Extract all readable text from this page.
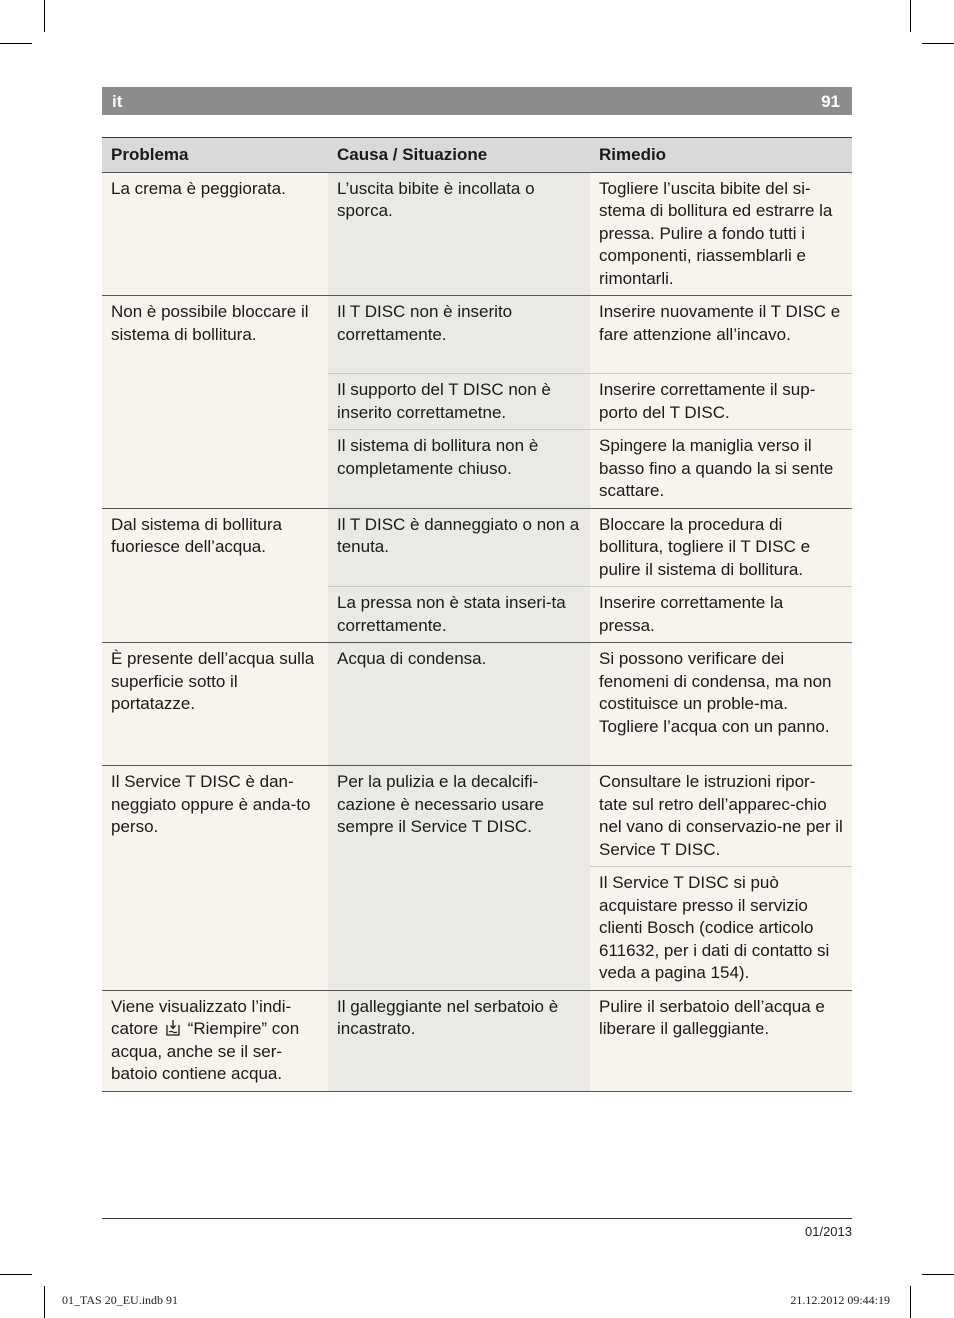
it	91
Problema	Causa / Situazione	Rimedio
La crema è peggiorata.	L’uscita bibite è incollata o sporca.	Togliere l’uscita bibite del si-stema di bollitura ed estrarre la pressa. Pulire a fondo tutti i componenti, riassemblarli e rimontarli.
Non è possibile bloccare il sistema di bollitura.	Il T DISC non è inserito correttamente.	Inserire nuovamente il T DISC e fare attenzione all’incavo.
	Il supporto del T DISC non è inserito correttametne.	Inserire correttamente il sup-porto del T DISC.
	Il sistema di bollitura non è completamente chiuso.	Spingere la maniglia verso il basso fino a quando la si sente scattare.
Dal sistema di bollitura fuoriesce dell’acqua.	Il T DISC è danneggiato o non a tenuta.	Bloccare la procedura di bollitura, togliere il T DISC e pulire il sistema di bollitura.
	La pressa non è stata inseri-ta correttamente.	Inserire correttamente la pressa.
È presente dell’acqua sulla superficie sotto il portatazze.	Acqua di condensa.	Si possono verificare dei fenomeni di condensa, ma non costituisce un proble-ma. Togliere l’acqua con un panno.
Il Service T DISC è dan-neggiato oppure è anda-to perso.	Per la pulizia e la decalcifi-cazione è necessario usare sempre il Service T DISC.	Consultare le istruzioni ripor-tate sul retro dell’apparec-chio nel vano di conservazio-ne per il Service T DISC.
		Il Service T DISC si può acquistare presso il servizio clienti Bosch (codice articolo 611632, per i dati di contatto si veda a pagina 154).
Viene visualizzato l’indi-catore “Riempire” con acqua, anche se il ser-batoio contiene acqua.	Il galleggiante nel serbatoio è incastrato.	Pulire il serbatoio dell’acqua e liberare il galleggiante.
01/2013
01_TAS 20_EU.indb 91	21.12.2012 09:44:19
